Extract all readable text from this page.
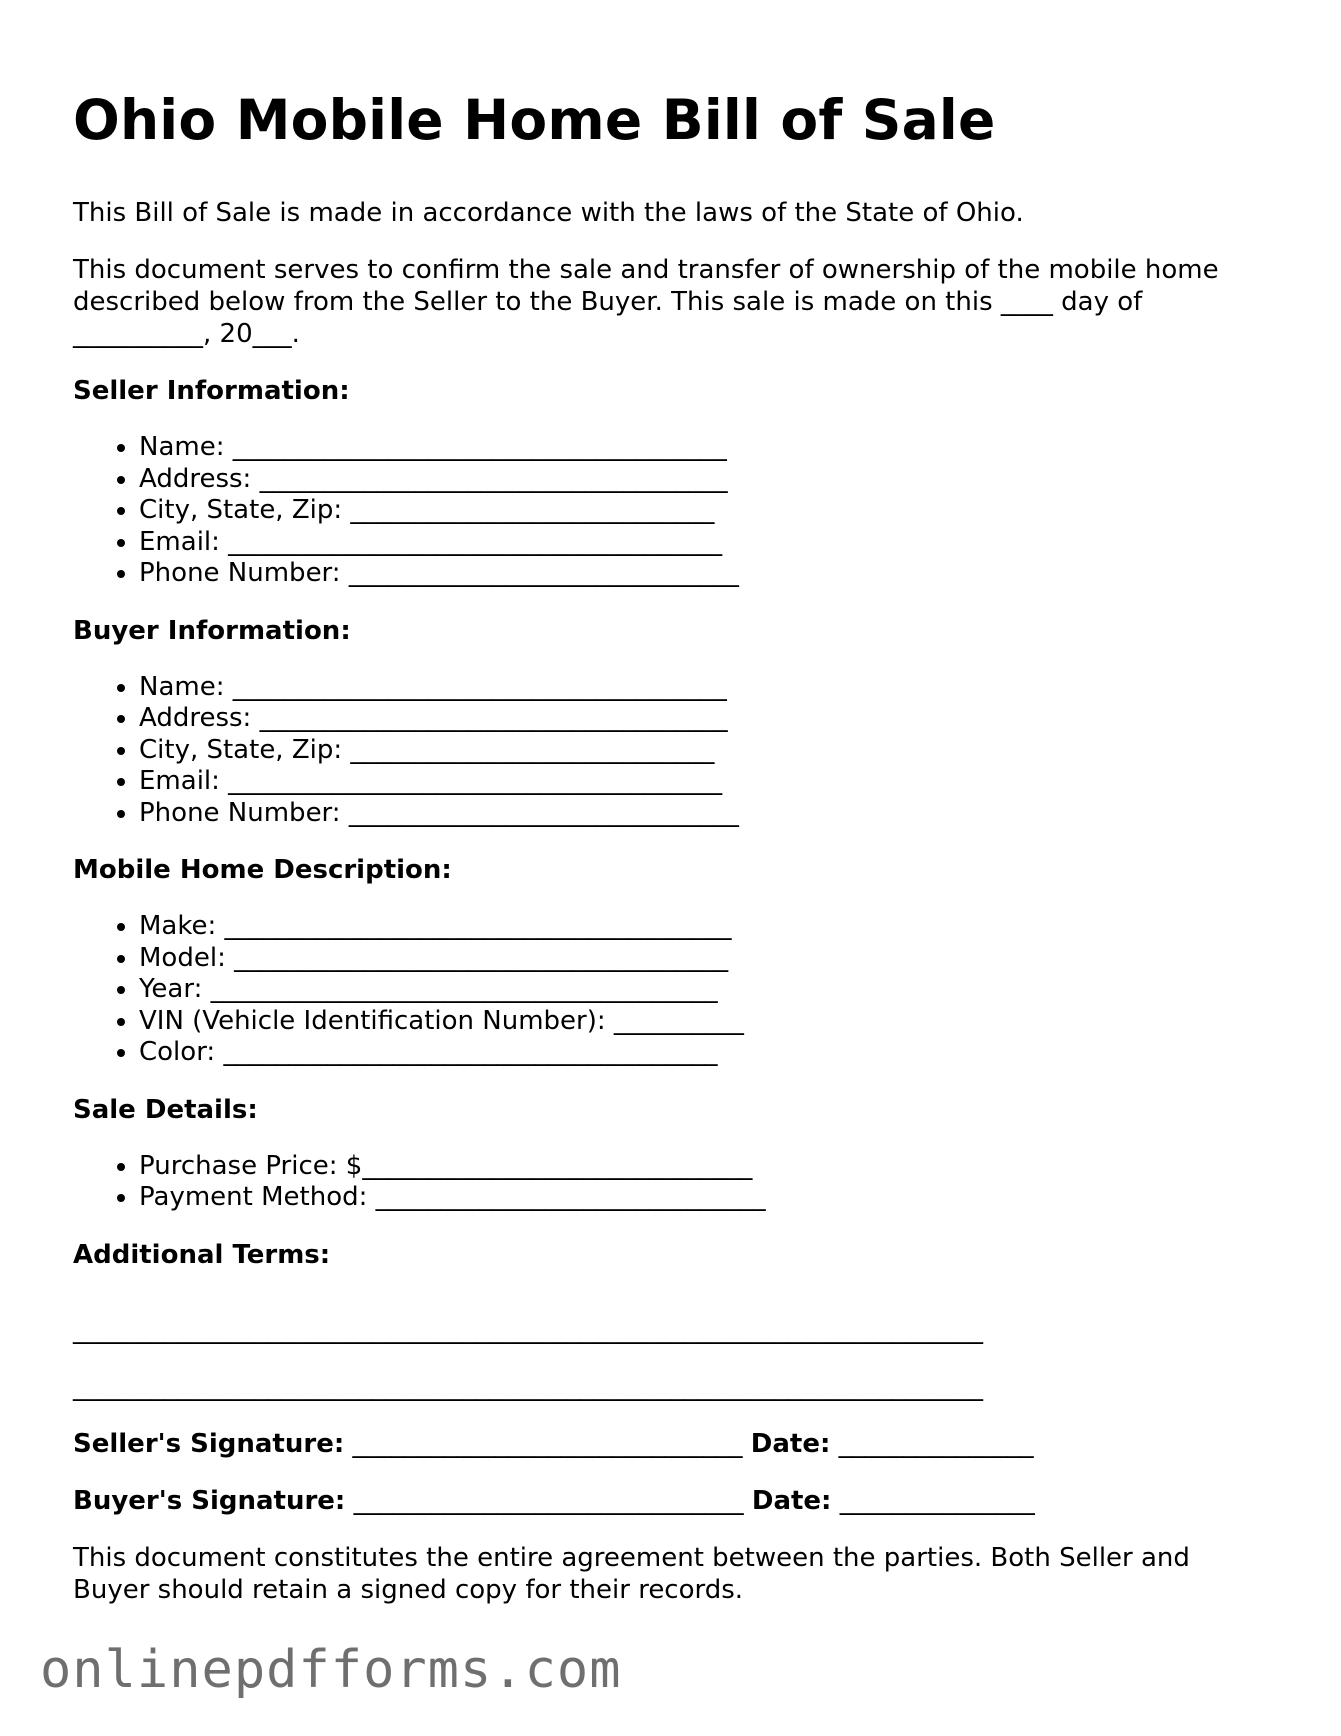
Ohio Mobile Home Bill of Sale

This Bill of Sale is made in accordance with the laws of the State of Ohio.

This document serves to confirm the sale and transfer of ownership of the mobile home described below from the Seller to the Buyer. This sale is made on this ____ day of __________, 20___.

Seller Information:
• Name: ______________________________________
• Address: ____________________________________
• City, State, Zip: ____________________________
• Email: ______________________________________
• Phone Number: ______________________________
Buyer Information:
• Name: ______________________________________
• Address: ____________________________________
• City, State, Zip: ____________________________
• Email: ______________________________________
• Phone Number: ______________________________
Mobile Home Description:
• Make: _______________________________________
• Model: ______________________________________
• Year: _______________________________________
• VIN (Vehicle Identification Number): __________
• Color: ______________________________________
Sale Details:
• Purchase Price: $______________________________
• Payment Method: ______________________________
Additional Terms:
______________________________________________________________________
______________________________________________________________________
Seller's Signature: ______________________________ Date: _______________
Buyer's Signature: ______________________________ Date: _______________

This document constitutes the entire agreement between the parties. Both Seller and Buyer should retain a signed copy for their records.

onlinepdfforms.com
